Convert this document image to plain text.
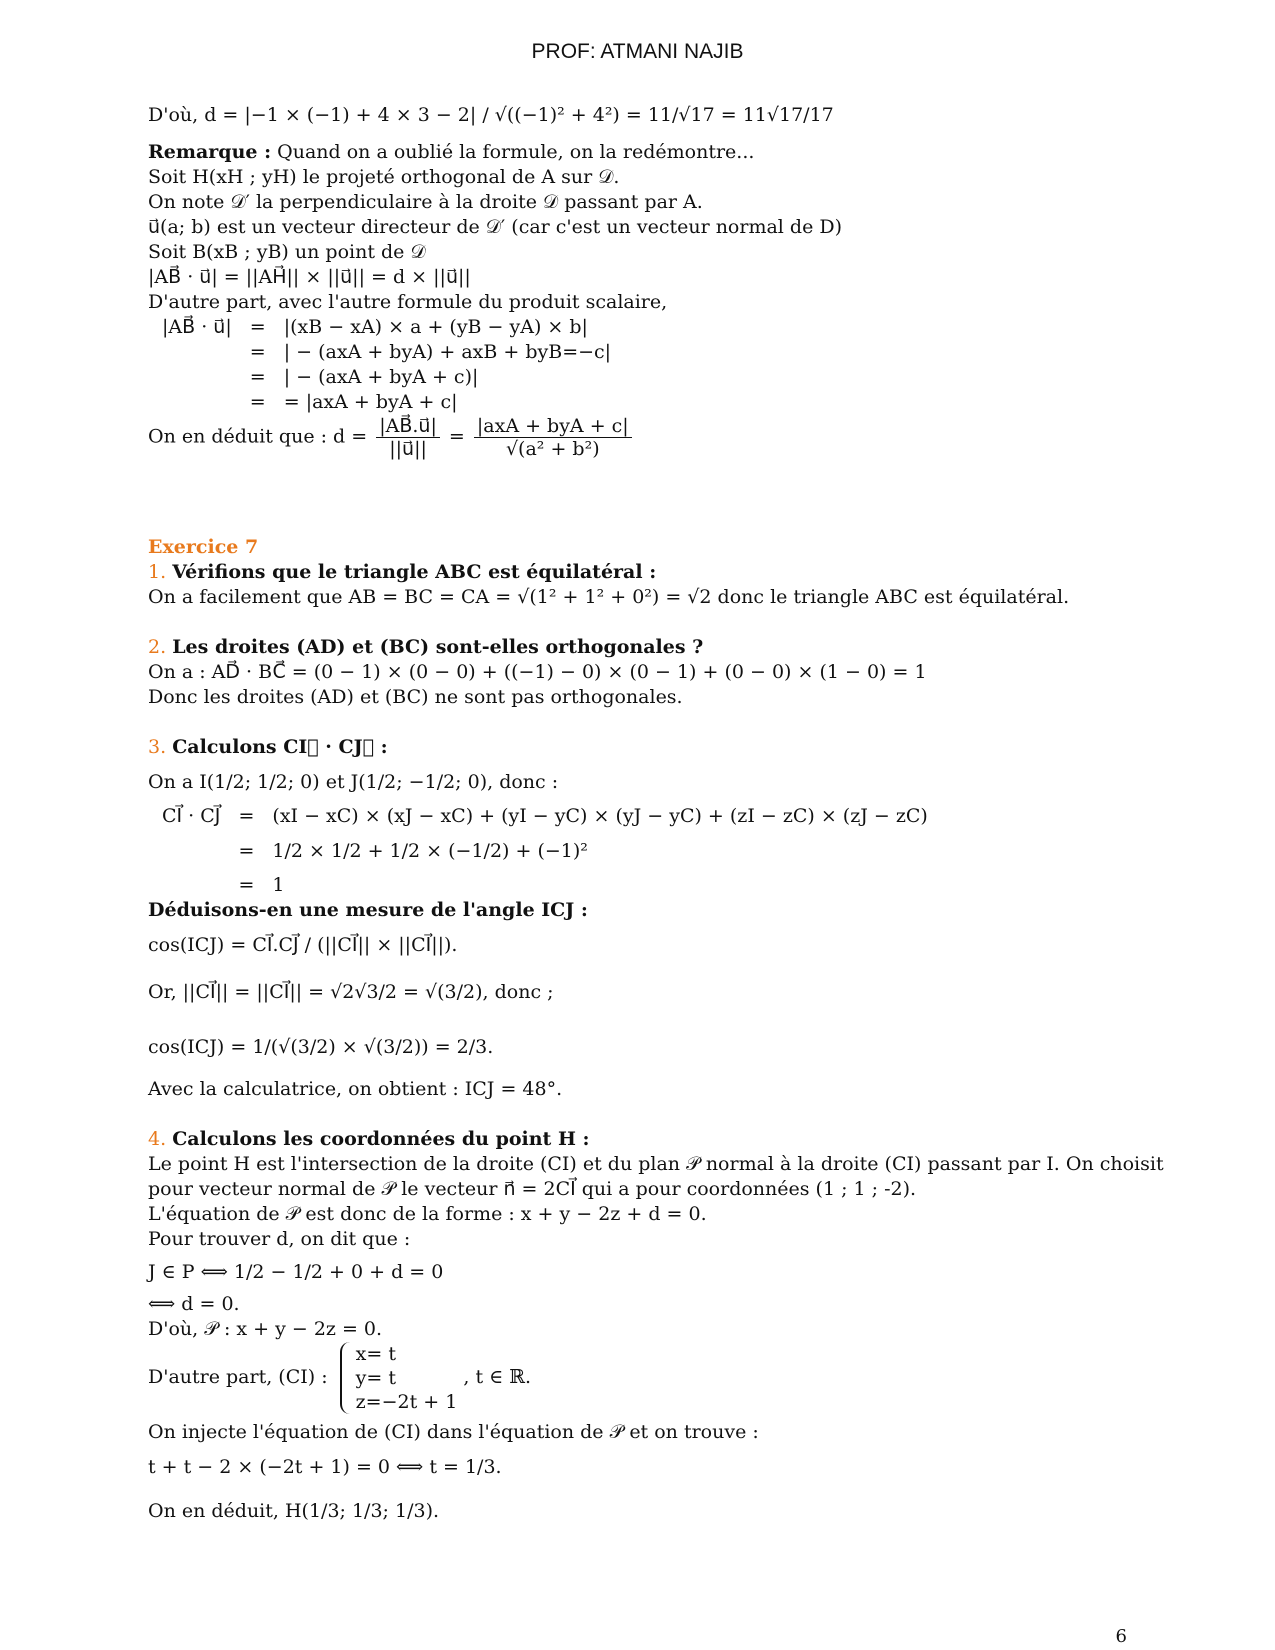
PROF: ATMANI NAJIB
D'où, d = |−1 × (−1) + 4 × 3 − 2| / √((−1)² + 4²) = 11/√17 = 11√17/17
Remarque : Quand on a oublié la formule, on la redémontre...
Soit H(xH ; yH) le projeté orthogonal de A sur 𝒟.
On note 𝒟′ la perpendiculaire à la droite 𝒟 passant par A.
u⃗(a; b) est un vecteur directeur de 𝒟′ (car c'est un vecteur normal de D)
Soit B(xB ; yB) un point de 𝒟
|AB⃗ · u⃗| = ||AH⃗|| × ||u⃗|| = d × ||u⃗||
D'autre part, avec l'autre formule du produit scalaire,
|AB⃗ · u⃗|	=	|(xB − xA) × a + (yB − yA) × b|
	=	| − (axA + byA) + axB + byB=−c|
	=	| − (axA + byA + c)|
	=	= |axA + byA + c|
On en déduit que : $d = \frac{|AB⃗.u⃗|}{||u⃗||} = \frac{\text{|axA + byA + c|}}{\text{√(a² + b²)}}$
Exercice 7
1. Vérifions que le triangle ABC est équilatéral :
On a facilement que AB = BC = CA = √(1² + 1² + 0²) = √2 donc le triangle ABC est équilatéral.
2. Les droites (AD) et (BC) sont-elles orthogonales ?
On a : AD⃗ · BC⃗ = (0 − 1) × (0 − 0) + ((−1) − 0) × (0 − 1) + (0 − 0) × (1 − 0) = 1
Donc les droites (AD) et (BC) ne sont pas orthogonales.
3. Calculons CI⃗ · CJ⃗ :
On a I(1/2; 1/2; 0) et J(1/2; −1/2; 0), donc :
CI⃗ · CJ⃗	=	(xI − xC) × (xJ − xC) + (yI − yC) × (yJ − yC) + (zI − zC) × (zJ − zC)
	=	1/2 × 1/2 + 1/2 × (−1/2) + (−1)²
	=	1
Déduisons-en une mesure de l'angle ICJ :
cos(ICJ) = CI⃗.CJ⃗ / (||CI⃗|| × ||CI⃗||).
Or, ||CI⃗|| = ||CI⃗|| = √2√3/2 = √(3/2), donc ;
cos(ICJ) = 1/(√(3/2) × √(3/2)) = 2/3.
Avec la calculatrice, on obtient : ICJ = 48°.
4. Calculons les coordonnées du point H :
Le point H est l'intersection de la droite (CI) et du plan 𝒫 normal à la droite (CI) passant par I. On choisit
pour vecteur normal de 𝒫 le vecteur n⃗ = 2CI⃗ qui a pour coordonnées (1 ; 1 ; -2).
L'équation de 𝒫 est donc de la forme : x + y − 2z + d = 0.
Pour trouver d, on dit que :
J ∈ P ⟺ 1/2 − 1/2 + 0 + d = 0
⟺ d = 0.
D'où, 𝒫 : x + y − 2z = 0.
D'autre part, (CI) :
x= t
y= t
z=−2t + 1
, t ∈ ℝ.
On injecte l'équation de (CI) dans l'équation de 𝒫 et on trouve :
t + t − 2 × (−2t + 1) = 0 ⟺ t = 1/3.
On en déduit, H(1/3; 1/3; 1/3).
6
